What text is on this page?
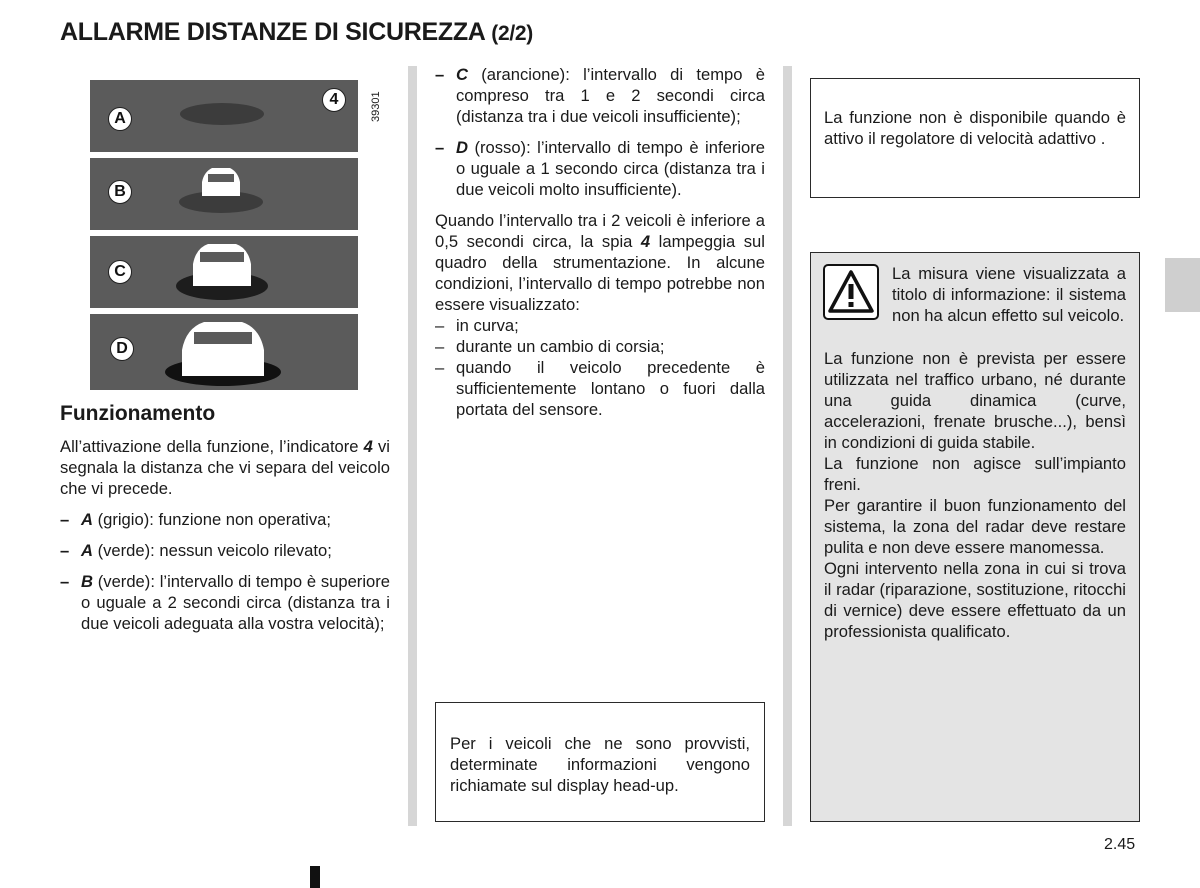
ALLARME DISTANZE DI SICUREZZA (2/2)
A
4
B
C
D
39301
Funzionamento
All’attivazione della funzione, l’indicatore 4 vi segnala la distanza che vi separa del veicolo che vi precede.
– A (grigio): funzione non operativa;
– A (verde): nessun veicolo rilevato;
– B (verde): l’intervallo di tempo è superiore o uguale a 2 secondi circa (distanza tra i due veicoli adeguata alla vostra velocità);
– C (arancione): l’intervallo di tempo è compreso tra 1 e 2 secondi circa (distanza tra i due veicoli insufficiente);
– D (rosso): l’intervallo di tempo è inferiore o uguale a 1 secondo circa (distanza tra i due veicoli molto insufficiente).
Quando l’intervallo tra i 2 veicoli è inferiore a 0,5 secondi circa, la spia 4 lampeggia sul quadro della strumentazione. In alcune condizioni, l’intervallo di tempo potrebbe non essere visualizzato:
– in curva;
– durante un cambio di corsia;
– quando il veicolo precedente è sufficientemente lontano o fuori dalla portata del sensore.
Per i veicoli che ne sono provvisti, determinate informazioni vengono richiamate sul display head-up.
La funzione non è disponibile quando è attivo il regolatore di velocità adattivo .
La misura viene visualizzata a titolo di informazione: il sistema non ha alcun effetto sul veicolo.

La funzione non è prevista per essere utilizzata nel traffico urbano, né durante una guida dinamica (curve, accelerazioni, frenate brusche...), bensì in condizioni di guida stabile.

La funzione non agisce sull’impianto freni.

Per garantire il buon funzionamento del sistema, la zona del radar deve restare pulita e non deve essere manomessa.

Ogni intervento nella zona in cui si trova il radar (riparazione, sostituzione, ritocchi di vernice) deve essere effettuato da un professionista qualificato.

2.45
